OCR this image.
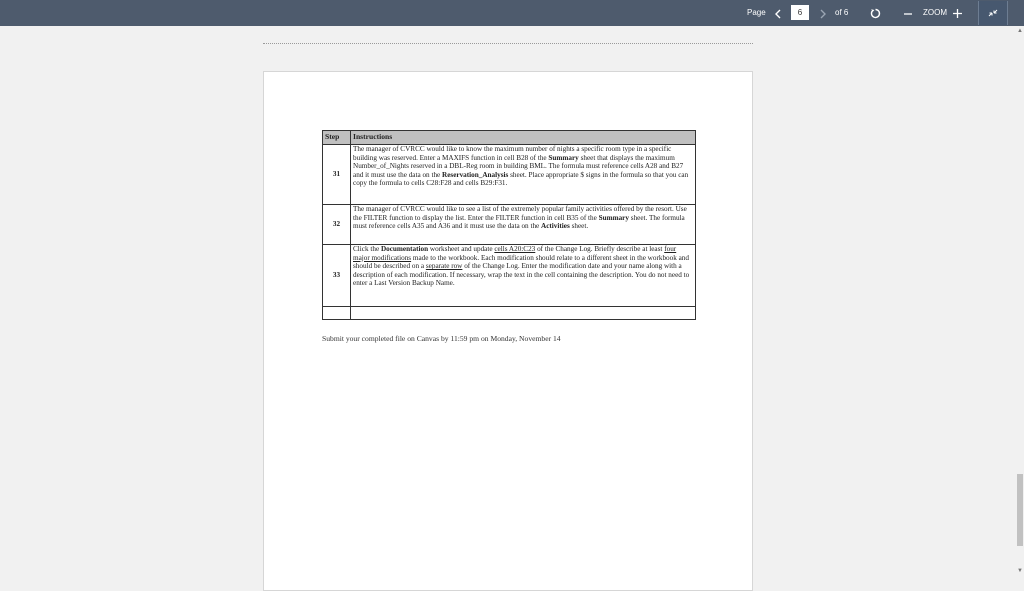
Page
6	of 6	ZOOM
Step	Instructions
31	The manager of CVRCC would like to know the maximum number of nights a specific room type in a specific building was reserved. Enter a MAXIFS function in cell B28 of the Summary sheet that displays the maximum Number_of_Nights reserved in a DBL-Reg room in building BML. The formula must reference cells A28 and B27 and it must use the data on the Reservation_Analysis sheet. Place appropriate $ signs in the formula so that you can copy the formula to cells C28:F28 and cells B29:F31.
32	The manager of CVRCC would like to see a list of the extremely popular family activities offered by the resort. Use the FILTER function to display the list. Enter the FILTER function in cell B35 of the Summary sheet. The formula must reference cells A35 and A36 and it must use the data on the Activities sheet.
33	Click the Documentation worksheet and update cells A20:C23 of the Change Log. Briefly describe at least four major modifications made to the workbook. Each modification should relate to a different sheet in the workbook and should be described on a separate row of the Change Log. Enter the modification date and your name along with a description of each modification. If necessary, wrap the text in the cell containing the description. You do not need to enter a Last Version Backup Name.

Submit your completed file on Canvas by 11:59 pm on Monday, November 14
▲
▼
